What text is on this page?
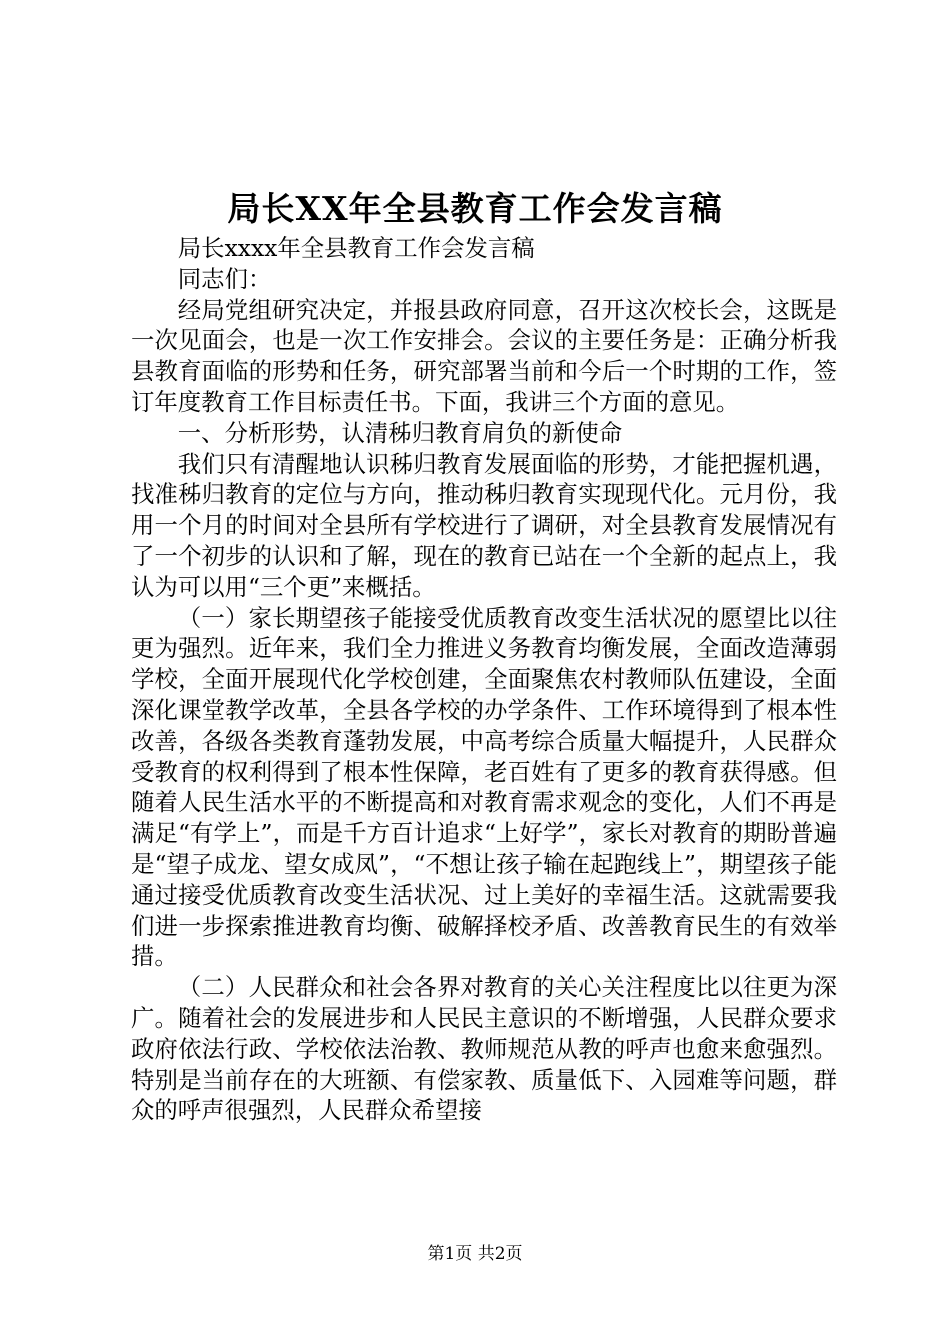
局长XX年全县教育工作会发言稿

局长xxxx年全县教育工作会发言稿

同志们：

经局党组研究决定，并报县政府同意，召开这次校长会，这既是一次见面会，也是一次工作安排会。会议的主要任务是：正确分析我县教育面临的形势和任务，研究部署当前和今后一个时期的工作，签订年度教育工作目标责任书。下面，我讲三个方面的意见。

一、分析形势，认清秭归教育肩负的新使命

我们只有清醒地认识秭归教育发展面临的形势，才能把握机遇，找准秭归教育的定位与方向，推动秭归教育实现现代化。元月份，我用一个月的时间对全县所有学校进行了调研，对全县教育发展情况有了一个初步的认识和了解，现在的教育已站在一个全新的起点上，我认为可以用“三个更”来概括。

（一）家长期望孩子能接受优质教育改变生活状况的愿望比以往更为强烈。近年来，我们全力推进义务教育均衡发展，全面改造薄弱学校，全面开展现代化学校创建，全面聚焦农村教师队伍建设，全面深化课堂教学改革，全县各学校的办学条件、工作环境得到了根本性改善，各级各类教育蓬勃发展，中高考综合质量大幅提升，人民群众受教育的权利得到了根本性保障，老百姓有了更多的教育获得感。但随着人民生活水平的不断提高和对教育需求观念的变化，人们不再是满足“有学上”，而是千方百计追求“上好学”，家长对教育的期盼普遍是“望子成龙、望女成凤”，“不想让孩子输在起跑线上”，期望孩子能通过接受优质教育改变生活状况、过上美好的幸福生活。这就需要我们进一步探索推进教育均衡、破解择校矛盾、改善教育民生的有效举措。

（二）人民群众和社会各界对教育的关心关注程度比以往更为深广。随着社会的发展进步和人民民主意识的不断增强，人民群众要求政府依法行政、学校依法治教、教师规范从教的呼声也愈来愈强烈。特别是当前存在的大班额、有偿家教、质量低下、入园难等问题，群众的呼声很强烈，人民群众希望接

第1页 共2页
